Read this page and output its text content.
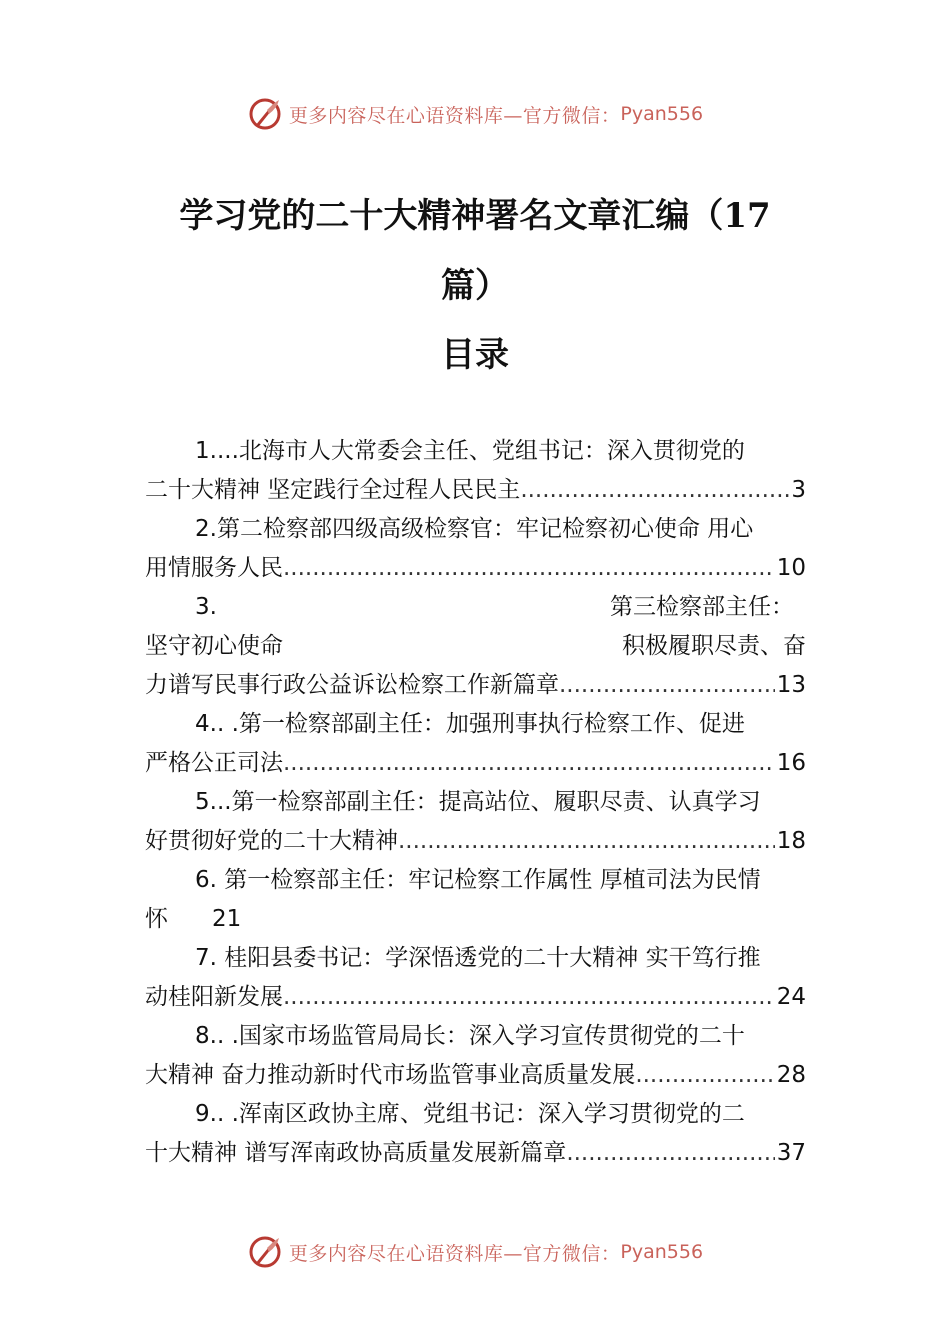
更多内容尽在心语资料库—官方微信： Pyan556
学习党的二十大精神署名文章汇编（17
篇）
目录
1....北海市人大常委会主任、党组书记：深入贯彻党的
二十大精神 坚定践行全过程人民民主 .....	3
2.第二检察部四级高级检察官：牢记检察初心使命 用心
用情服务人民 .....	10
3.	第三检察部主任：
坚守初心使命	积极履职尽责、奋
力谱写民事行政公益诉讼检察工作新篇章 .....	13
4.. .第一检察部副主任：加强刑事执行检察工作、促进
严格公正司法 .....	16
5...第一检察部副主任：提高站位、履职尽责、认真学习
好贯彻好党的二十大精神 .....	18
6. 第一检察部主任：牢记检察工作属性 厚植司法为民情
怀 21
7. 桂阳县委书记：学深悟透党的二十大精神 实干笃行推
动桂阳新发展 .....	24
8.. .国家市场监管局局长：深入学习宣传贯彻党的二十
大精神 奋力推动新时代市场监管事业高质量发展 .....	28
9.. .浑南区政协主席、党组书记：深入学习贯彻党的二
十大精神 谱写浑南政协高质量发展新篇章 .....	37
更多内容尽在心语资料库—官方微信： Pyan556
